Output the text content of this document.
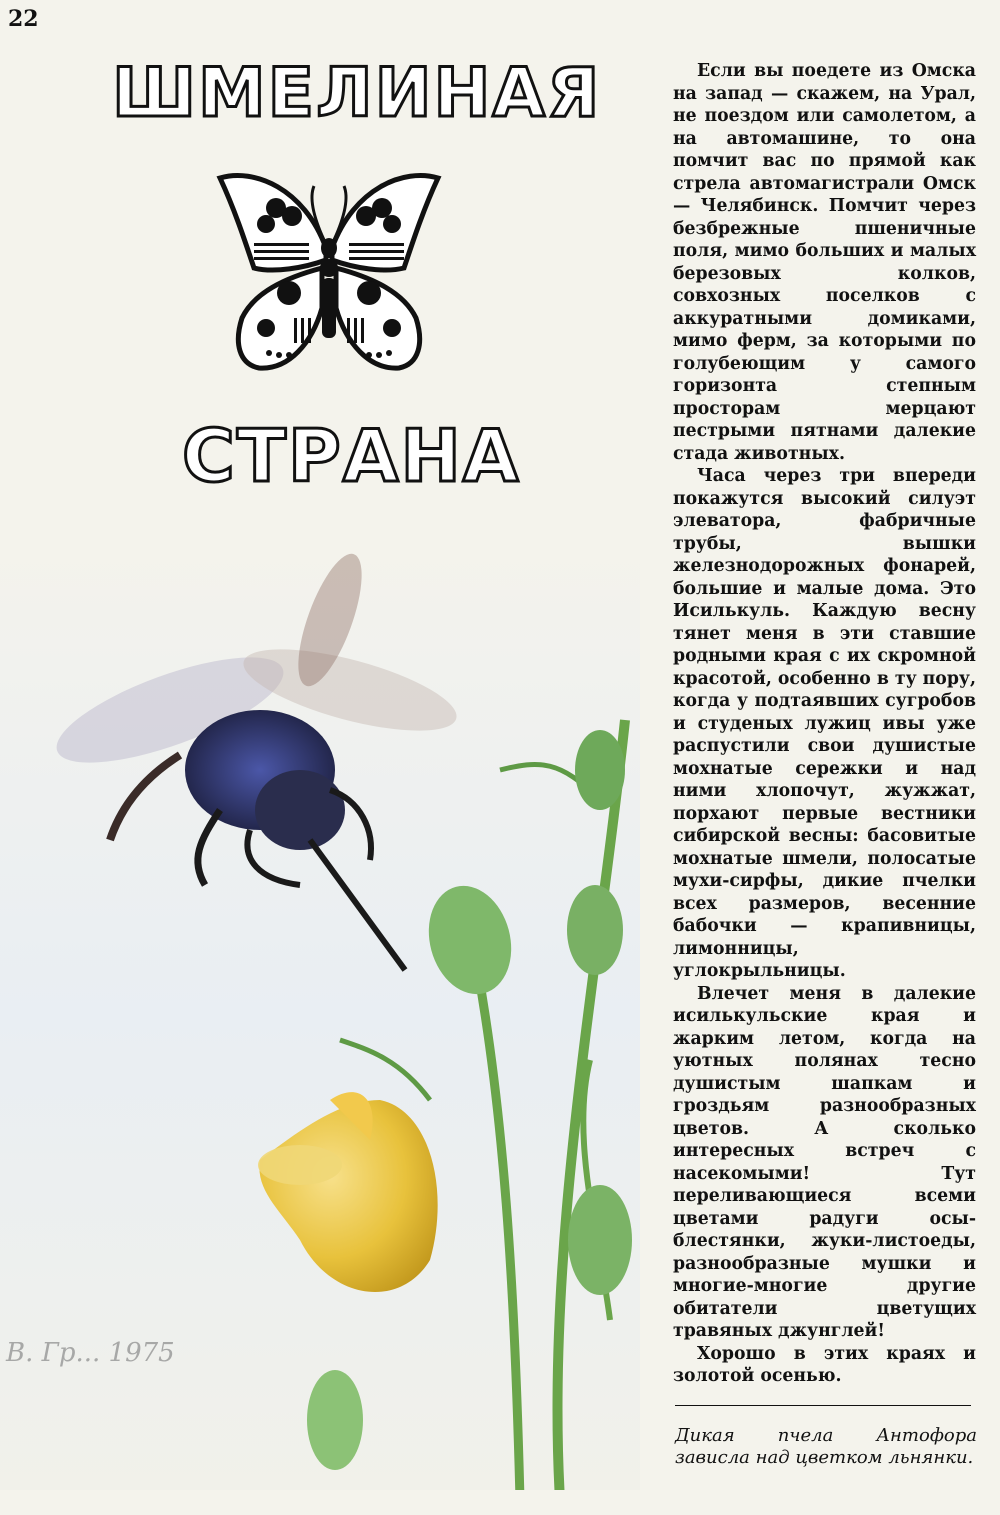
22
ШМЕЛИНАЯ
СТРАНА
В. Гр... 1975

Если вы поедете из Омска на запад — скажем, на Урал, не поездом или самолетом, а на автомашине, то она помчит вас по прямой как стрела автомагистрали Омск — Челябинск. Помчит через безбрежные пшеничные поля, мимо больших и малых березовых колков, совхозных поселков с аккуратными домиками, мимо ферм, за которыми по голубеющим у самого горизонта степным просторам мерцают пестрыми пятнами далекие стада животных.

Часа через три впереди покажутся высокий силуэт элеватора, фабричные трубы, вышки железнодорожных фонарей, большие и малые дома. Это Исилькуль. Каждую весну тянет меня в эти ставшие родными края с их скромной красотой, особенно в ту пору, когда у подтаявших сугробов и студеных лужиц ивы уже распустили свои душистые мохнатые сережки и над ними хлопочут, жужжат, порхают первые вестники сибирской весны: басовитые мохнатые шмели, полосатые мухи-сирфы, дикие пчелки всех размеров, весенние бабочки — крапивницы, лимонницы, углокрыльницы.

Влечет меня в далекие исилькульские края и жарким летом, когда на уютных полянах тесно душистым шапкам и гроздьям разнообразных цветов. А сколько интересных встреч с насекомыми! Тут переливающиеся всеми цветами радуги осы-блестянки, жуки-листоеды, разнообразные мушки и многие-многие другие обитатели цветущих травяных джунглей!

Хорошо в этих краях и золотой осенью.

Дикая пчела Антофора зависла над цветком льнянки.
